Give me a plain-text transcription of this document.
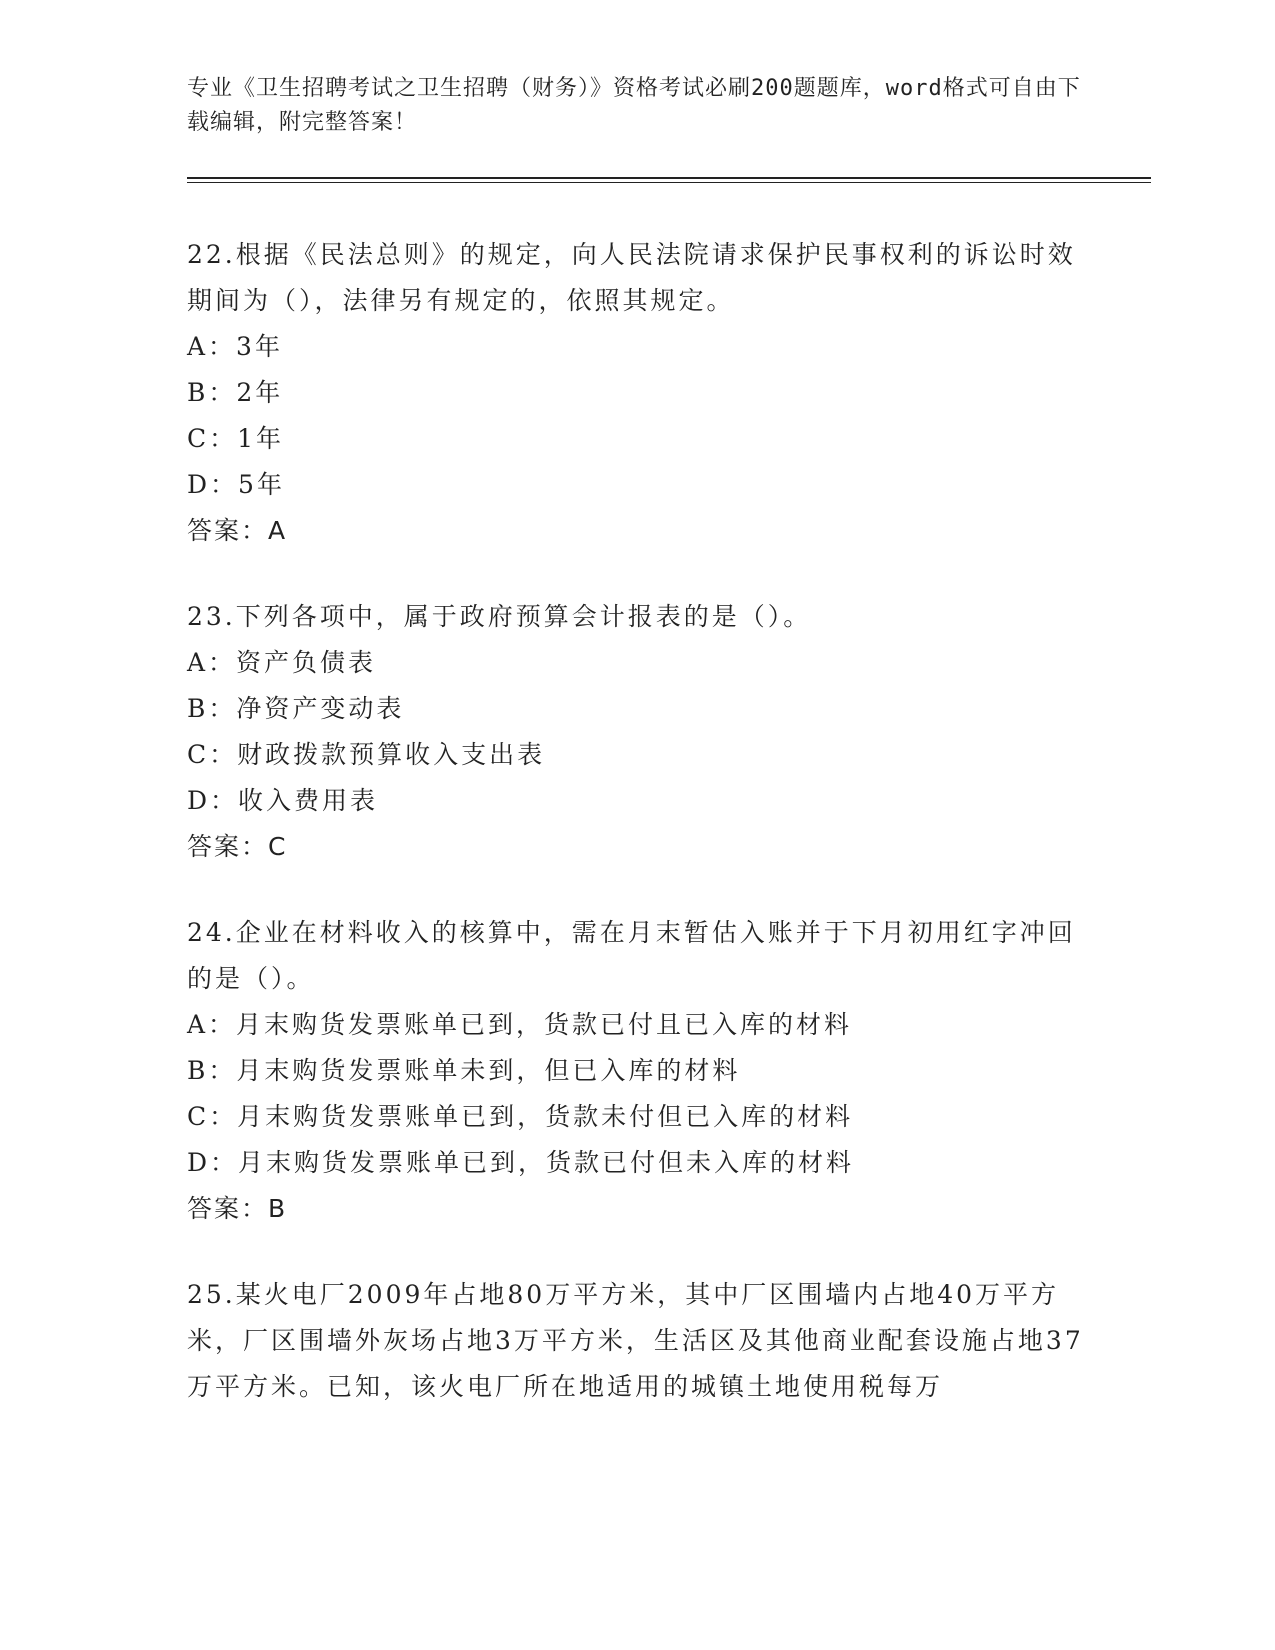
专业《卫生招聘考试之卫生招聘（财务）》资格考试必刷200题题库，word格式可自由下载编辑，附完整答案！
22.根据《民法总则》的规定，向人民法院请求保护民事权利的诉讼时效期间为（），法律另有规定的，依照其规定。
A：3年
B：2年
C：1年
D：5年
答案：A
23.下列各项中，属于政府预算会计报表的是（）。
A：资产负债表
B：净资产变动表
C：财政拨款预算收入支出表
D：收入费用表
答案：C
24.企业在材料收入的核算中，需在月末暂估入账并于下月初用红字冲回的是（）。
A：月末购货发票账单已到，货款已付且已入库的材料
B：月末购货发票账单未到，但已入库的材料
C：月末购货发票账单已到，货款未付但已入库的材料
D：月末购货发票账单已到，货款已付但未入库的材料
答案：B
25.某火电厂2009年占地80万平方米，其中厂区围墙内占地40万平方米，厂区围墙外灰场占地3万平方米，生活区及其他商业配套设施占地37万平方米。已知，该火电厂所在地适用的城镇土地使用税每万
